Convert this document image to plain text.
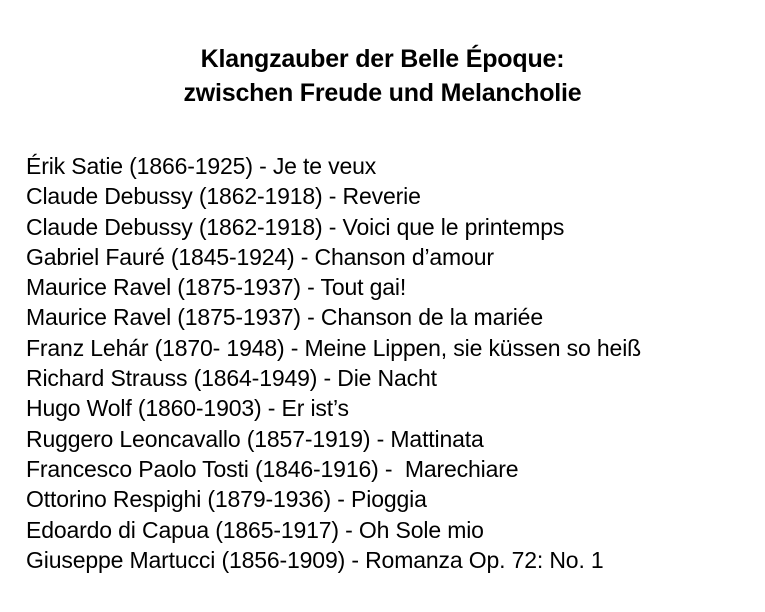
Klangzauber der Belle Époque:
zwischen Freude und Melancholie
Érik Satie (1866-1925) - Je te veux
Claude Debussy (1862-1918) - Reverie
Claude Debussy (1862-1918) - Voici que le printemps
Gabriel Fauré (1845-1924) - Chanson d’amour
Maurice Ravel (1875-1937) - Tout gai!
Maurice Ravel (1875-1937) - Chanson de la mariée
Franz Lehár (1870- 1948) - Meine Lippen, sie küssen so heiß
Richard Strauss (1864-1949) - Die Nacht
Hugo Wolf (1860-1903) - Er ist’s
Ruggero Leoncavallo (1857-1919) - Mattinata
Francesco Paolo Tosti (1846-1916) -  Marechiare
Ottorino Respighi (1879-1936) - Pioggia
Edoardo di Capua (1865-1917) - Oh Sole mio
Giuseppe Martucci (1856-1909) - Romanza Op. 72: No. 1
